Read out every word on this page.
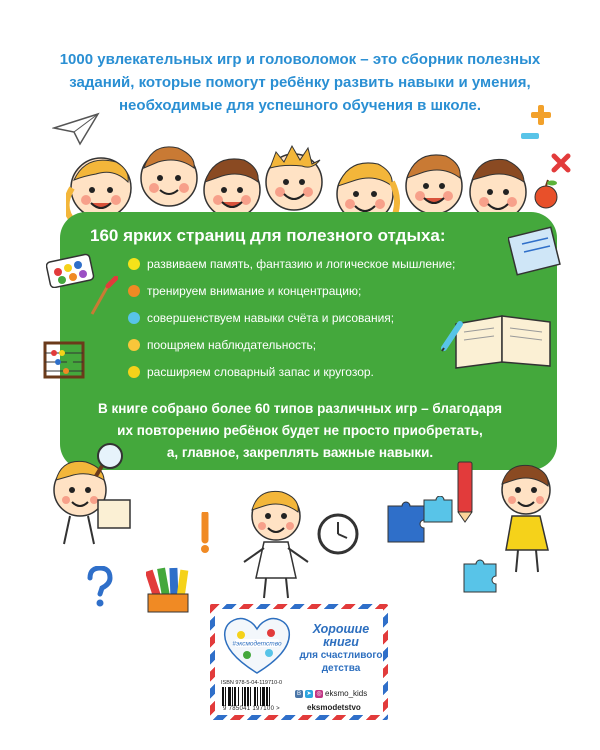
1000 увлекательных игр и головоломок – это сборник полезных
заданий, которые помогут ребёнку развить навыки и умения,
необходимые для успешного обучения в школе.
160 ярких страниц для полезного отдыха:
развиваем память, фантазию и логическое мышление;
тренируем внимание и концентрацию;
совершенствуем навыки счёта и рисования;
поощряем наблюдательность;
расширяем словарный запас и кругозор.
В книге собрано более 60 типов различных игр – благодаря
их повторению ребёнок будет не просто приобретать,
а, главное, закреплять важные навыки.
#эксмодетство
Хорошие
книги
для счастливого
детства
ISBN 978-5-04-119710-0
9 785041 197100 >
В ➤ ◎ eksmo_kids
eksmodetstvo
